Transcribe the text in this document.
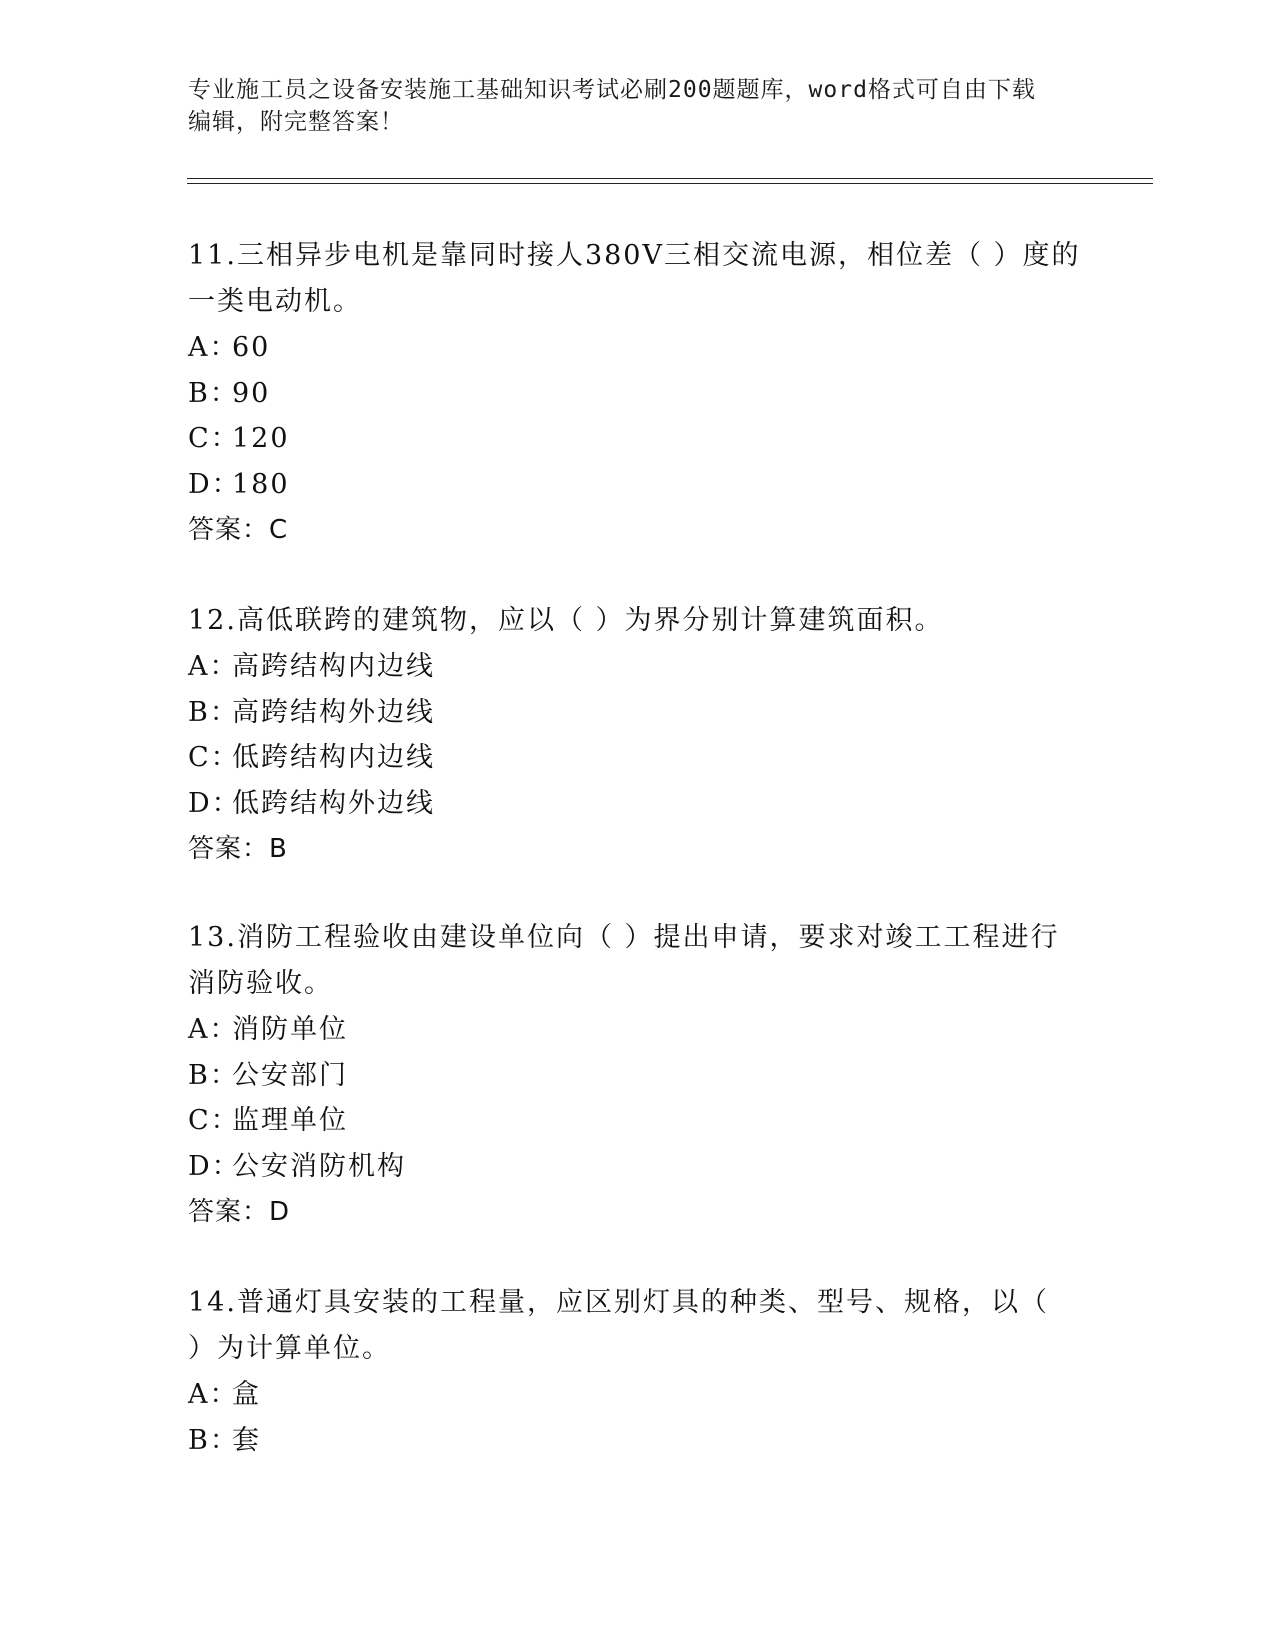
专业施工员之设备安装施工基础知识考试必刷200题题库，word格式可自由下载
编辑，附完整答案！
11.三相异步电机是靠同时接人380V三相交流电源，相位差（ ）度的
一类电动机。
A：60
B：90
C：120
D：180
答案：C
12.高低联跨的建筑物，应以（ ）为界分别计算建筑面积。
A：高跨结构内边线
B：高跨结构外边线
C：低跨结构内边线
D：低跨结构外边线
答案：B
13.消防工程验收由建设单位向（ ）提出申请，要求对竣工工程进行
消防验收。
A：消防单位
B：公安部门
C：监理单位
D：公安消防机构
答案：D
14.普通灯具安装的工程量，应区别灯具的种类、型号、规格，以（
）为计算单位。
A：盒
B：套
